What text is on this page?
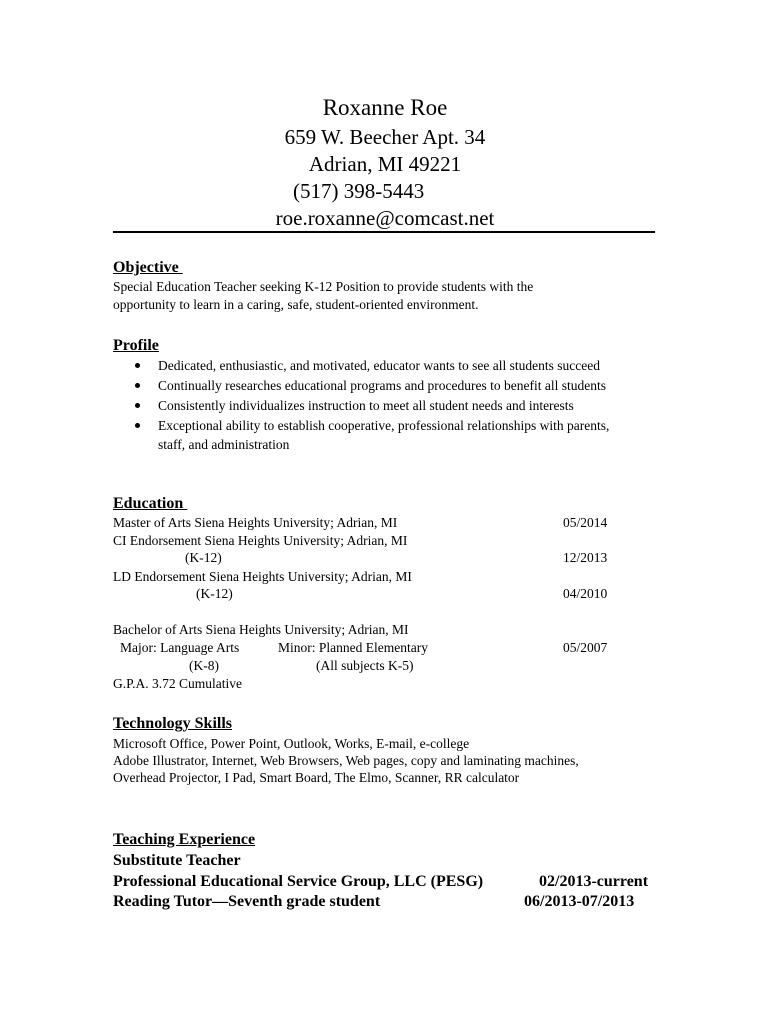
Roxanne Roe
659 W. Beecher Apt. 34
Adrian, MI 49221
(517) 398-5443
roe.roxanne@comcast.net
Objective
Special Education Teacher seeking K-12 Position to provide students with the
opportunity to learn in a caring, safe, student-oriented environment.
Profile
Dedicated, enthusiastic, and motivated, educator wants to see all students succeed
Continually researches educational programs and procedures to benefit all students
Consistently individualizes instruction to meet all student needs and interests
Exceptional ability to establish cooperative, professional relationships with parents, staff, and administration
Education
Master of Arts Siena Heights University; Adrian, MI	05/2014
CI Endorsement Siena Heights University; Adrian, MI
(K-12)	12/2013
LD Endorsement Siena Heights University; Adrian, MI
(K-12)	04/2010
Bachelor of Arts Siena Heights University; Adrian, MI
Major: Language Arts	Minor: Planned Elementary	05/2007
(K-8)	(All subjects K-5)
G.P.A. 3.72 Cumulative
Technology Skills
Microsoft Office, Power Point, Outlook, Works, E-mail, e-college
Adobe Illustrator, Internet, Web Browsers, Web pages, copy and laminating machines,
Overhead Projector, I Pad, Smart Board, The Elmo, Scanner, RR calculator
Teaching Experience
Substitute Teacher
Professional Educational Service Group, LLC (PESG)	02/2013-current
Reading Tutor—Seventh grade student	06/2013-07/2013
